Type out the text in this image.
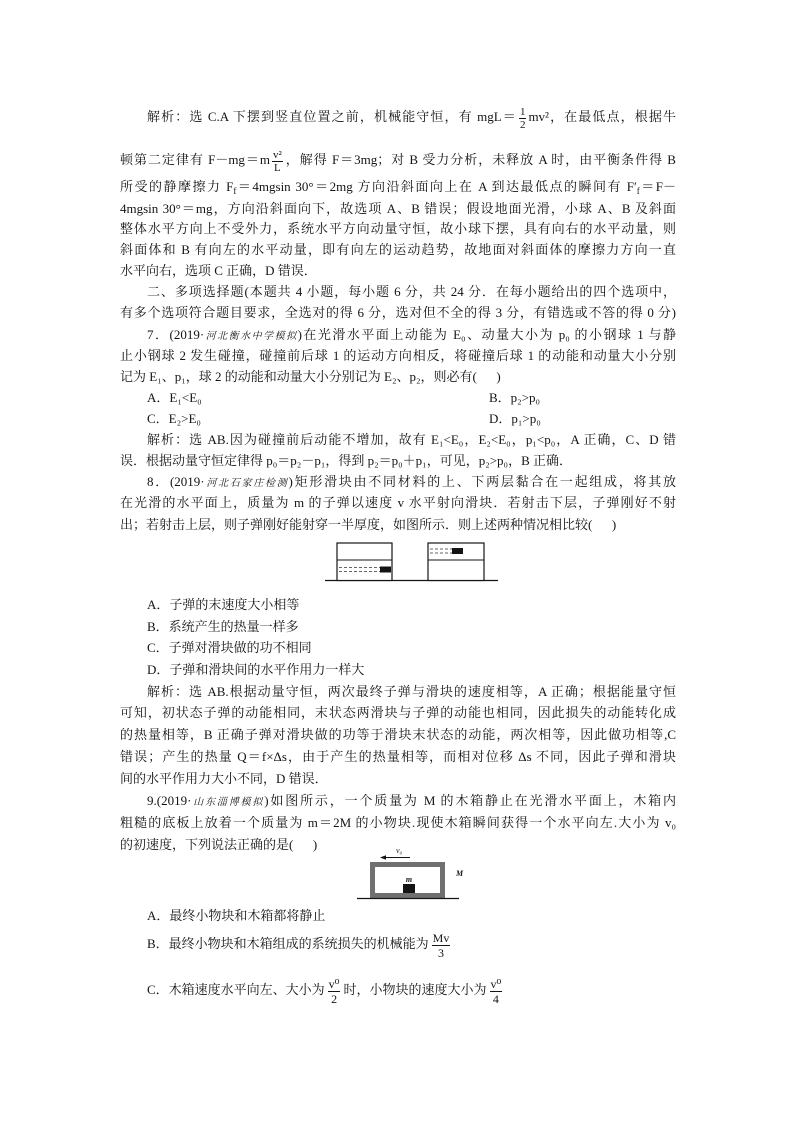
解析：选 C.A 下摆到竖直位置之前，机械能守恒，有 $mgL= \frac{1}{2} mv^2$，在最低点，根据牛
顿第二定律有 $F-mg=m \frac{\text{v²}}{L}$ ，解得 F＝3mg；对 B 受力分析，未释放 A 时，由平衡条件得 B
所受的静摩擦力 $F_f=4mgsin$ 30°＝2mg 方向沿斜面向上在 A 到达最低点的瞬间有 $F'_f=F-$
4mgsin 30°＝mg，方向沿斜面向下，故选项 A、B 错误；假设地面光滑，小球 A、B 及斜面
整体水平方向上不受外力，系统水平方向动量守恒，故小球下摆，具有向右的水平动量，则
斜面体和 B 有向左的水平动量，即有向左的运动趋势，故地面对斜面体的摩擦力方向一直
水平向右，选项 C 正确，D 错误．
二、多项选择题(本题共 4 小题，每小题 6 分，共 24 分．在每小题给出的四个选项中，
有多个选项符合题目要求，全选对的得 6 分，选对但不全的得 3 分，有错选或不答的得 0 分)
7．(2019·河北衡水中学模拟)在光滑水平面上动能为 E₀、动量大小为 p₀ 的小钢球 1 与静
止小钢球 2 发生碰撞，碰撞前后球 1 的运动方向相反，将碰撞后球 1 的动能和动量大小分别
记为 E₁、p₁，球 2 的动能和动量大小分别记为 E₂、p₂，则必有(      )
A．E₁<E₀	B．p₂>p₀
C．E₂>E₀	D．p₁>p₀
解析：选 AB.因为碰撞前后动能不增加，故有 E₁<E₀，E₂<E₀，p₁<p₀，A 正确，C、D 错
误．根据动量守恒定律得 p₀＝p₂－p₁，得到 p₂＝p₀＋p₁，可见，p₂>p₀，B 正确．
8．(2019·河北石家庄检测)矩形滑块由不同材料的上、下两层黏合在一起组成，将其放
在光滑的水平面上，质量为 m 的子弹以速度 v 水平射向滑块．若射击下层，子弹刚好不射
出；若射击上层，则子弹刚好能射穿一半厚度，如图所示．则上述两种情况相比较(      )
A．子弹的末速度大小相等
B．系统产生的热量一样多
C．子弹对滑块做的功不相同
D．子弹和滑块间的水平作用力一样大
解析：选 AB.根据动量守恒，两次最终子弹与滑块的速度相等，A 正确；根据能量守恒
可知，初状态子弹的动能相同，末状态两滑块与子弹的动能也相同，因此损失的动能转化成
的热量相等，B 正确子弹对滑块做的功等于滑块末状态的动能，两次相等，因此做功相等,C
错误；产生的热量 Q＝f×Δs，由于产生的热量相等，而相对位移 Δs 不同，因此子弹和滑块
间的水平作用力大小不同，D 错误．
9.(2019·山东淄博模拟)如图所示，一个质量为 M 的木箱静止在光滑水平面上，木箱内
粗糙的底板上放着一个质量为 m＝2M 的小物块.现使木箱瞬间获得一个水平向左.大小为 v₀
的初速度，下列说法正确的是(      )	v₀
m
M
A．最终小物块和木箱都将静止
B．最终小物块和木箱组成的系统损失的机械能为 $\frac{Mv}{3}$
C．木箱速度水平向左、大小为 $\frac{\text{v⁰}}{2}$ 时，小物块的速度大小为 $\frac{\text{v⁰}}{4}$
